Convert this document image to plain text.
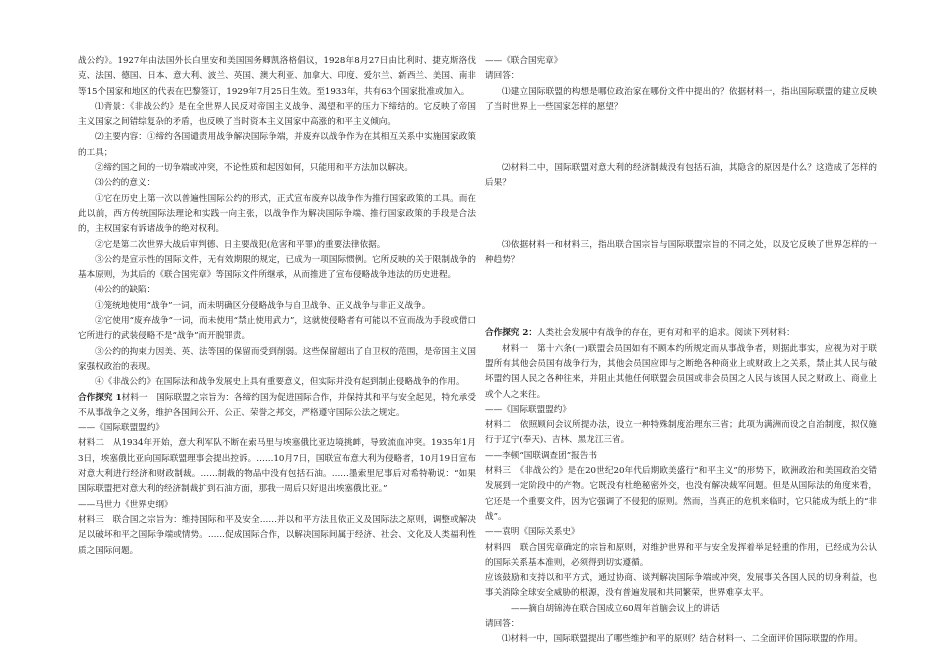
战公约》。1927年由法国外长白里安和美国国务卿凯洛格倡议，1928年8月27日由比利时、捷克斯洛伐克、法国、德国、日本、意大利、波兰、英国、澳大利亚、加拿大、印度、爱尔兰、新西兰、美国、南非等15个国家和地区的代表在巴黎签订，1929年7月25日生效。至1933年，共有63个国家批准或加入。

⑴背景：《非战公约》是在全世界人民反对帝国主义战争、渴望和平的压力下缔结的。它反映了帝国主义国家之间错综复杂的矛盾，也反映了当时资本主义国家中高涨的和平主义倾向。

⑵主要内容：①缔约各国谴责用战争解决国际争端，并废弃以战争作为在其相互关系中实施国家政策的工具；

②缔约国之间的一切争端或冲突，不论性质和起因如何，只能用和平方法加以解决。

⑶公约的意义：

①它在历史上第一次以普遍性国际公约的形式，正式宣布废弃以战争作为推行国家政策的工具。而在此以前，西方传统国际法理论和实践一向主张，以战争作为解决国际争端、推行国家政策的手段是合法的，主权国家有诉诸战争的绝对权利。

②它是第二次世界大战后审判德、日主要战犯(危害和平罪)的重要法律依据。

③公约是宣示性的国际文件，无有效期限的规定，已成为一项国际惯例。它所反映的关于限制战争的基本原则，为其后的《联合国宪章》等国际文件所继承，从而推进了宣布侵略战争违法的历史进程。

⑷公约的缺陷：

①笼统地使用“战争”一词，而未明确区分侵略战争与自卫战争、正义战争与非正义战争。

②它使用“废弃战争”一词，而未使用“禁止使用武力”，这就使侵略者有可能以不宣而战为手段或借口它所进行的武装侵略不是“战争”而开脱罪责。

③公约的拘束力因美、英、法等国的保留而受到削弱。这些保留超出了自卫权的范围，是帝国主义国家强权政治的表现。

④《非战公约》在国际法和战争发展史上具有重要意义，但实际并没有起到制止侵略战争的作用。

合作探究 1材料一　国际联盟之宗旨为：各缔约国为促进国际合作，并保持其和平与安全起见，特允承受不从事战争之义务，维护各国间公开、公正、荣誉之邦交，严格遵守国际公法之规定。

——《国际联盟盟约》

材料二　从1934年开始，意大利军队不断在索马里与埃塞俄比亚边境挑衅，导致流血冲突。1935年1月3日，埃塞俄比亚向国际联盟理事会提出控诉。……10月7日，国联宣布意大利为侵略者，10月19日宣布对意大利进行经济和财政制裁。……制裁的物品中没有包括石油。……墨索里尼事后对希特勒说：“如果国际联盟把对意大利的经济制裁扩到石油方面，那我一周后只好退出埃塞俄比亚。”

——马世力《世界史纲》

材料三　联合国之宗旨为：维持国际和平及安全……并以和平方法且依正义及国际法之原则，调整或解决足以破坏和平之国际争端或情势。……促成国际合作，以解决国际间属于经济、社会、文化及人类福利性质之国际问题。

——《联合国宪章》

请回答：

⑴建立国际联盟的构想是哪位政治家在哪份文件中提出的？依据材料一，指出国际联盟的建立反映了当时世界上一些国家怎样的愿望？

⑵材料二中，国际联盟对意大利的经济制裁没有包括石油，其隐含的原因是什么？这造成了怎样的后果？

⑶依据材料一和材料三，指出联合国宗旨与国际联盟宗旨的不同之处，以及它反映了世界怎样的一种趋势？

合作探究 2：人类社会发展中有战争的存在，更有对和平的追求。阅读下列材料：

材料一　第十六条(一)联盟会员国如有不顾本约所规定而从事战争者，则据此事实，应视为对于联盟所有其他会员国有战争行为，其他会员国应即与之断绝各种商业上或财政上之关系，禁止其人民与破坏盟约国人民之各种往来，并阻止其他任何联盟会员国或非会员国之人民与该国人民之财政上、商业上或个人之来往。

——《国际联盟盟约》

材料二　依照顾问会议所提办法，设立一种特殊制度治理东三省；此项为满洲而设之自治制度，拟仅施行于辽宁(奉天)、吉林、黑龙江三省。

——李顿“国联调查团”报告书

材料三　《非战公约》是在20世纪20年代后期欧美盛行“和平主义”的形势下，欧洲政治和美国政治交错发展到一定阶段中的产物。它既没有杜绝秘密外交，也没有解决裁军问题。但是从国际法的角度来看，它还是一个重要文件，因为它强调了不侵犯的原则。然而，当真正的危机来临时，它只能成为纸上的“非战”。

——袁明《国际关系史》

材料四　联合国宪章确定的宗旨和原则，对维护世界和平与安全发挥着举足轻重的作用，已经成为公认的国际关系基本准则，必须得到切实遵循。

应该鼓励和支持以和平方式，通过协商、谈判解决国际争端或冲突，发展事关各国人民的切身利益，也事关消除全球安全威胁的根源，没有普遍发展和共同繁荣，世界难享太平。

——摘自胡锦涛在联合国成立60周年首脑会议上的讲话

请回答：

⑴材料一中，国际联盟提出了哪些维护和平的原则？结合材料一、二全面评价国际联盟的作用。
